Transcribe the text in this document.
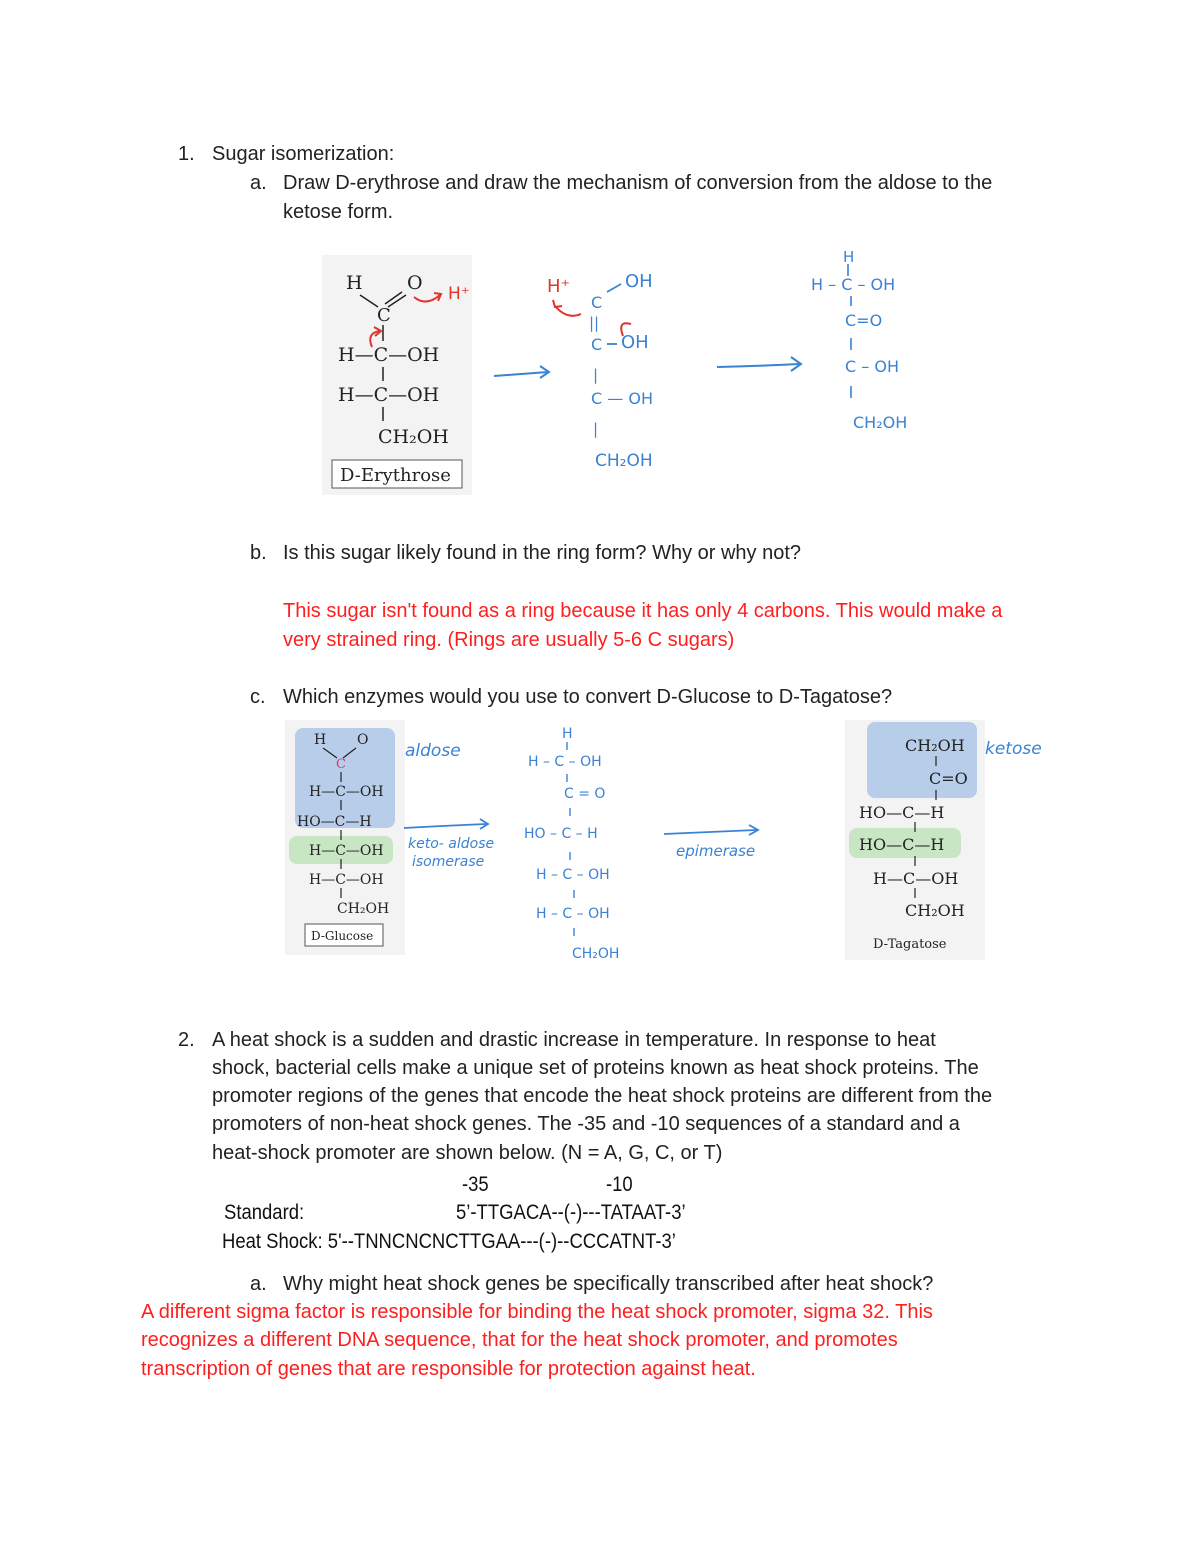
1. Sugar isomerization:
a. Draw D-erythrose and draw the mechanism of conversion from the aldose to the
ketose form.
H O
C
H—C—OH
H—C—OH
CH₂OH
D-Erythrose
H⁺	H⁺	OH
C
||
C OH
|
C — OH
|
CH₂OH
H
H – C – OH
C=O
C – OH
CH₂OH
b. Is this sugar likely found in the ring form? Why or why not?
This sugar isn't found as a ring because it has only 4 carbons. This would make a
very strained ring. (Rings are usually 5-6 C sugars)
c. Which enzymes would you use to convert D-Glucose to D-Tagatose?
H O
C
H—C—OH
HO—C—H
H—C—OH
H—C—OH
CH₂OH
D-Glucose
aldose
keto- aldose
isomerase
H
H – C – OH
C = O
HO – C – H
H – C – OH
H – C – OH
CH₂OH
epimerase
CH₂OH
C=O
HO—C—H
HO—C—H
H—C—OH
CH₂OH
D-Tagatose
ketose
2. A heat shock is a sudden and drastic increase in temperature. In response to heat
shock, bacterial cells make a unique set of proteins known as heat shock proteins. The
promoter regions of the genes that encode the heat shock proteins are different from the
promoters of non-heat shock genes. The -35 and -10 sequences of a standard and a
heat-shock promoter are shown below. (N = A, G, C, or T)
-35	-10
Standard:	5’-TTGACA--(-)---TATAAT-3’
Heat Shock: 5'--TNNCNCNCTTGAA---(-)--CCCATNT-3’
a. Why might heat shock genes be specifically transcribed after heat shock?
A different sigma factor is responsible for binding the heat shock promoter, sigma 32. This
recognizes a different DNA sequence, that for the heat shock promoter, and promotes
transcription of genes that are responsible for protection against heat.
